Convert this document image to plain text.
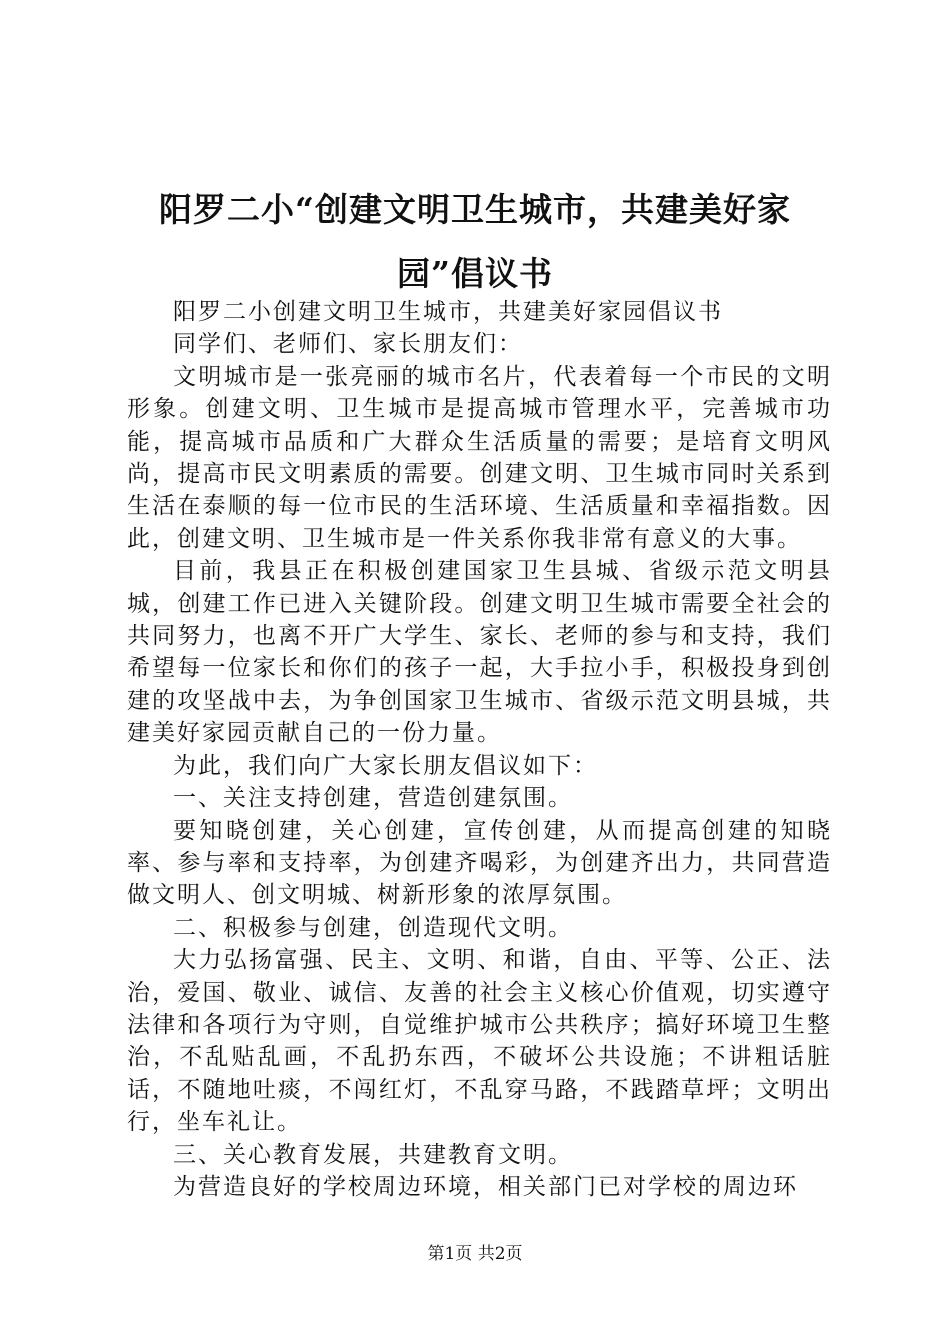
阳罗二小“创建文明卫生城市，共建美好家园”倡议书

阳罗二小创建文明卫生城市，共建美好家园倡议书

同学们、老师们、家长朋友们：

文明城市是一张亮丽的城市名片，代表着每一个市民的文明形象。创建文明、卫生城市是提高城市管理水平，完善城市功能，提高城市品质和广大群众生活质量的需要；是培育文明风尚，提高市民文明素质的需要。创建文明、卫生城市同时关系到生活在泰顺的每一位市民的生活环境、生活质量和幸福指数。因此，创建文明、卫生城市是一件关系你我非常有意义的大事。

目前，我县正在积极创建国家卫生县城、省级示范文明县城，创建工作已进入关键阶段。创建文明卫生城市需要全社会的共同努力，也离不开广大学生、家长、老师的参与和支持，我们希望每一位家长和你们的孩子一起，大手拉小手，积极投身到创建的攻坚战中去，为争创国家卫生城市、省级示范文明县城，共建美好家园贡献自己的一份力量。

为此，我们向广大家长朋友倡议如下：

一、关注支持创建，营造创建氛围。

要知晓创建，关心创建，宣传创建，从而提高创建的知晓率、参与率和支持率，为创建齐喝彩，为创建齐出力，共同营造做文明人、创文明城、树新形象的浓厚氛围。

二、积极参与创建，创造现代文明。

大力弘扬富强、民主、文明、和谐，自由、平等、公正、法治，爱国、敬业、诚信、友善的社会主义核心价值观，切实遵守法律和各项行为守则，自觉维护城市公共秩序；搞好环境卫生整治，不乱贴乱画，不乱扔东西，不破坏公共设施；不讲粗话脏话，不随地吐痰，不闯红灯，不乱穿马路，不践踏草坪；文明出行，坐车礼让。

三、关心教育发展，共建教育文明。

为营造良好的学校周边环境，相关部门已对学校的周边环

第1页 共2页
